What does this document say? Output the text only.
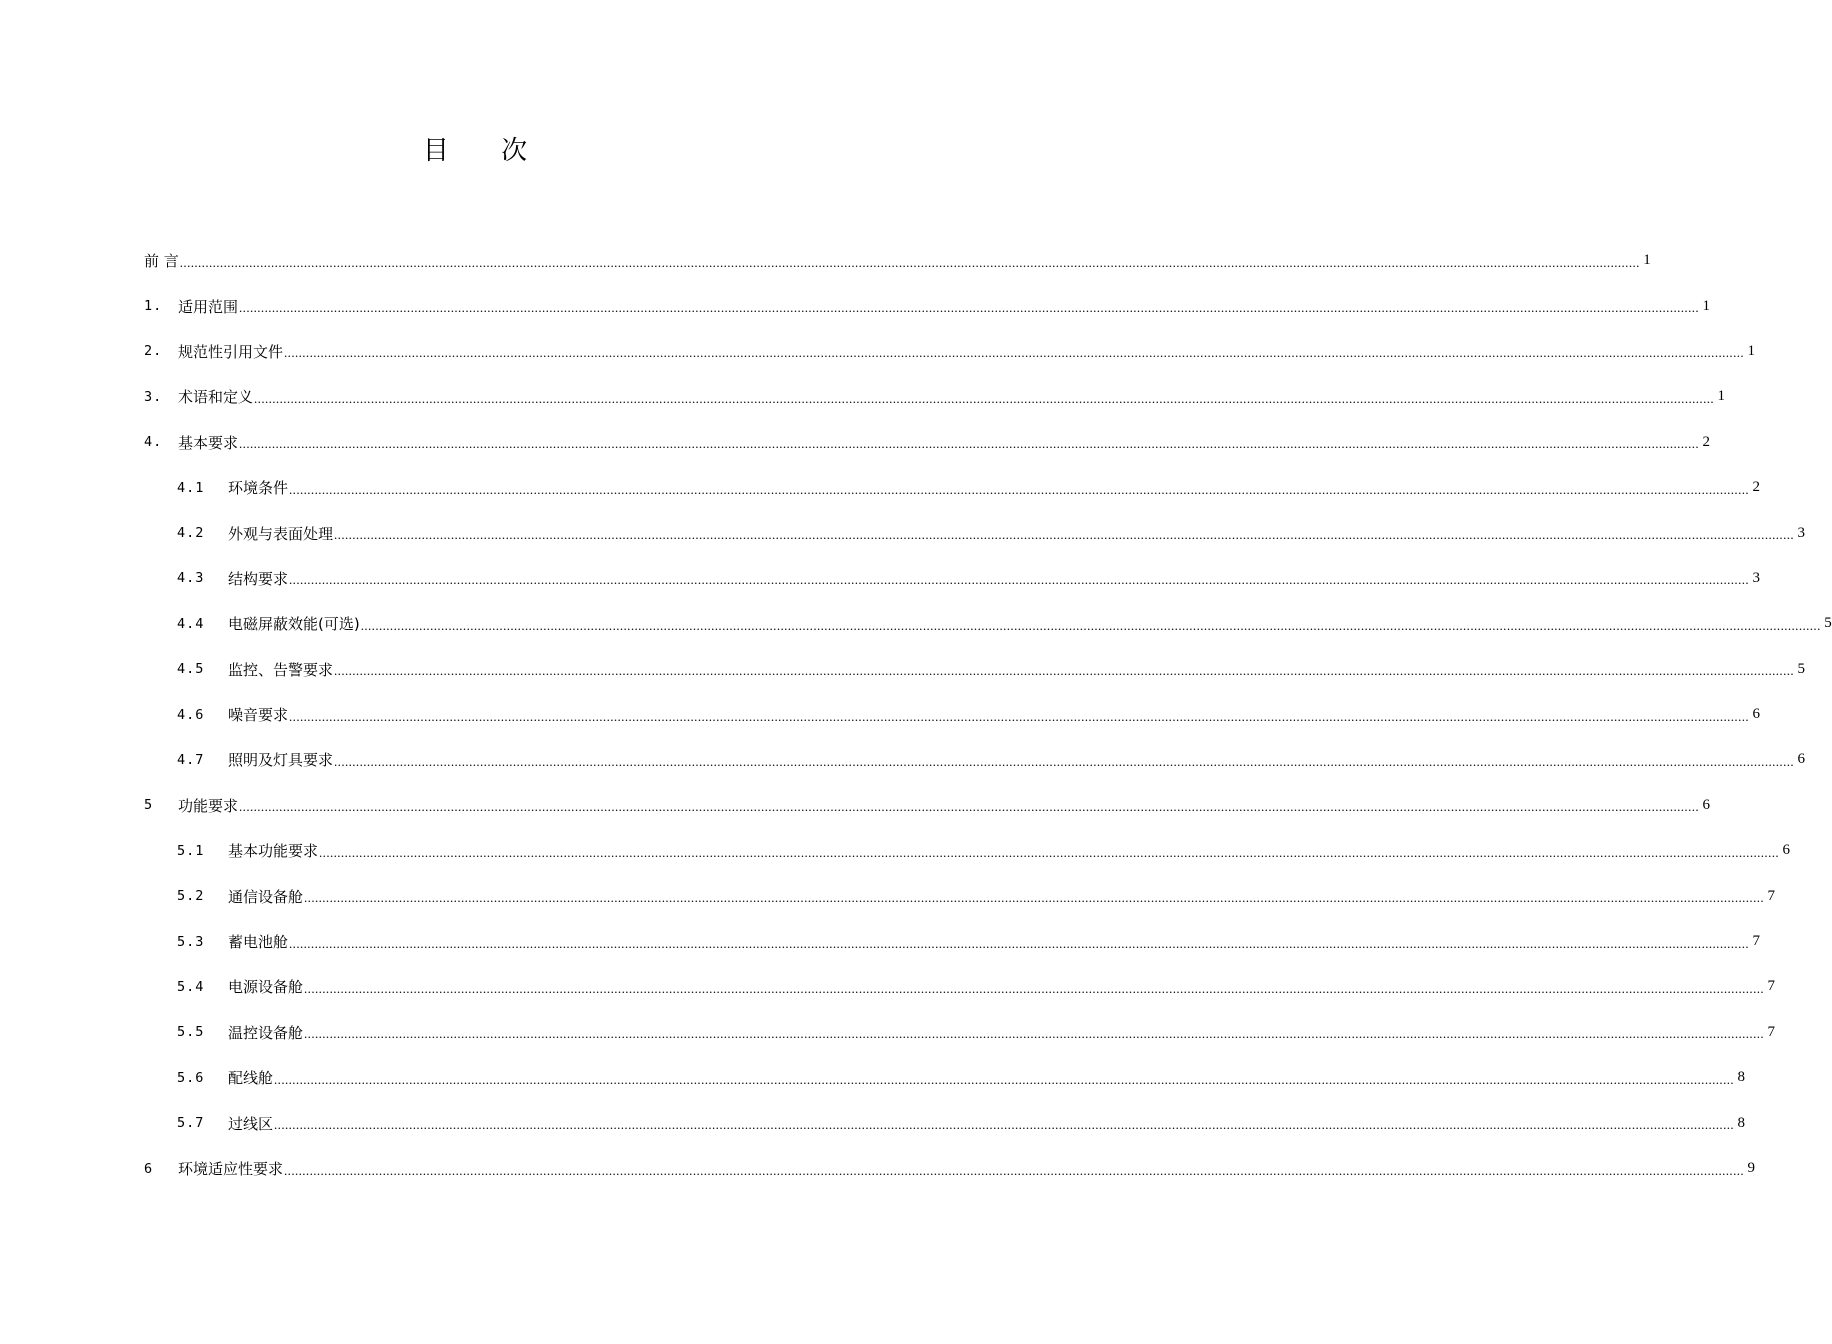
目 次
前 言 ................................................................................................................................................................................................................................................................................................................................................................................................................ 1
1.	适用范围 ................................................................................................................................................................................................................................................................................................................................................................................................................ 1
2.	规范性引用文件 ................................................................................................................................................................................................................................................................................................................................................................................................................ 1
3.	术语和定义 ................................................................................................................................................................................................................................................................................................................................................................................................................ 1
4.	基本要求 ................................................................................................................................................................................................................................................................................................................................................................................................................ 2
4.1	环境条件 ................................................................................................................................................................................................................................................................................................................................................................................................................ 2
4.2	外观与表面处理 ................................................................................................................................................................................................................................................................................................................................................................................................................ 3
4.3	结构要求 ................................................................................................................................................................................................................................................................................................................................................................................................................ 3
4.4	电磁屏蔽效能(可选) ................................................................................................................................................................................................................................................................................................................................................................................................................ 5
4.5	监控、告警要求 ................................................................................................................................................................................................................................................................................................................................................................................................................ 5
4.6	噪音要求 ................................................................................................................................................................................................................................................................................................................................................................................................................ 6
4.7	照明及灯具要求 ................................................................................................................................................................................................................................................................................................................................................................................................................ 6
5	功能要求 ................................................................................................................................................................................................................................................................................................................................................................................................................ 6
5.1	基本功能要求 ................................................................................................................................................................................................................................................................................................................................................................................................................ 6
5.2	通信设备舱 ................................................................................................................................................................................................................................................................................................................................................................................................................ 7
5.3	蓄电池舱 ................................................................................................................................................................................................................................................................................................................................................................................................................ 7
5.4	电源设备舱 ................................................................................................................................................................................................................................................................................................................................................................................................................ 7
5.5	温控设备舱 ................................................................................................................................................................................................................................................................................................................................................................................................................ 7
5.6	配线舱 ................................................................................................................................................................................................................................................................................................................................................................................................................ 8
5.7	过线区 ................................................................................................................................................................................................................................................................................................................................................................................................................ 8
6	环境适应性要求 ................................................................................................................................................................................................................................................................................................................................................................................................................ 9
